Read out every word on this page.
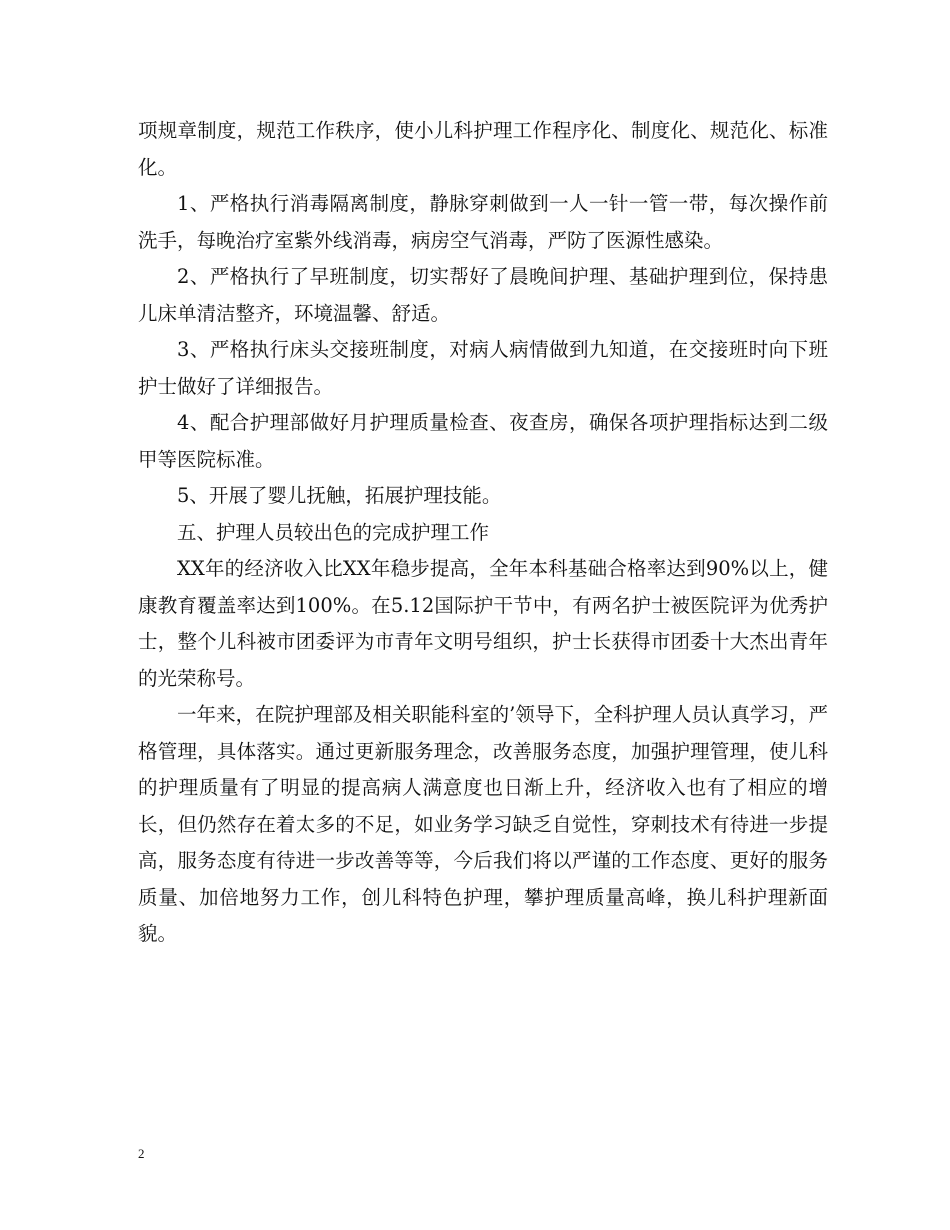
项规章制度，规范工作秩序，使小儿科护理工作程序化、制度化、规范化、标准化。

1、严格执行消毒隔离制度，静脉穿刺做到一人一针一管一带，每次操作前洗手，每晚治疗室紫外线消毒，病房空气消毒，严防了医源性感染。

2、严格执行了早班制度，切实帮好了晨晚间护理、基础护理到位，保持患儿床单清洁整齐，环境温馨、舒适。

3、严格执行床头交接班制度，对病人病情做到九知道，在交接班时向下班护士做好了详细报告。

4、配合护理部做好月护理质量检查、夜查房，确保各项护理指标达到二级甲等医院标准。

5、开展了婴儿抚触，拓展护理技能。

五、护理人员较出色的完成护理工作

XX年的经济收入比XX年稳步提高，全年本科基础合格率达到90%以上，健康教育覆盖率达到100%。在5.12国际护干节中，有两名护士被医院评为优秀护士，整个儿科被市团委评为市青年文明号组织，护士长获得市团委十大杰出青年的光荣称号。

一年来，在院护理部及相关职能科室的’领导下，全科护理人员认真学习，严格管理，具体落实。通过更新服务理念，改善服务态度，加强护理管理，使儿科的护理质量有了明显的提高病人满意度也日渐上升，经济收入也有了相应的增长，但仍然存在着太多的不足，如业务学习缺乏自觉性，穿刺技术有待进一步提高，服务态度有待进一步改善等等，今后我们将以严谨的工作态度、更好的服务质量、加倍地努力工作，创儿科特色护理，攀护理质量高峰，换儿科护理新面貌。

2
